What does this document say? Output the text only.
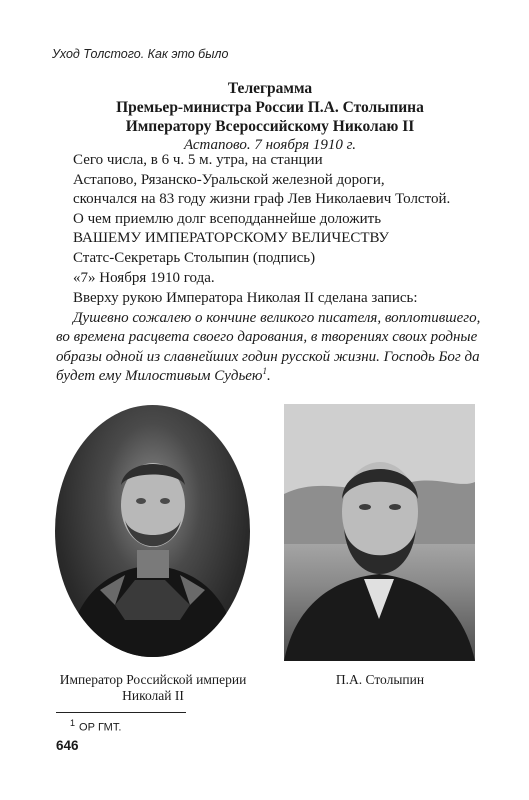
Уход Толстого. Как это было
Телеграмма
Премьер-министра России П.А. Столыпина
Императору Всероссийскому Николаю II
Астапово. 7 ноября 1910 г.
Сего числа, в 6 ч. 5 м. утра, на станции
Астапово, Рязанско-Уральской железной дороги,
скончался на 83 году жизни граф Лев Николаевич Толстой.
О чем приемлю долг всеподданнейше доложить
ВАШЕМУ ИМПЕРАТОРСКОМУ ВЕЛИЧЕСТВУ
Статс-Секретарь Столыпин (подпись)
«7» Ноября 1910 года.
Вверху рукою Императора Николая II сделана запись:
Душевно сожалею о кончине великого писателя, воплотившего,
во времена расцвета своего дарования, в творениях своих родные
образы одной из славнейших годин русской жизни. Господь Бог да
будет ему Милостивым Судьею$^1$.
Император Российской империи
Николай II
П.А. Столыпин
$^1$ ОР ГМТ.
646
